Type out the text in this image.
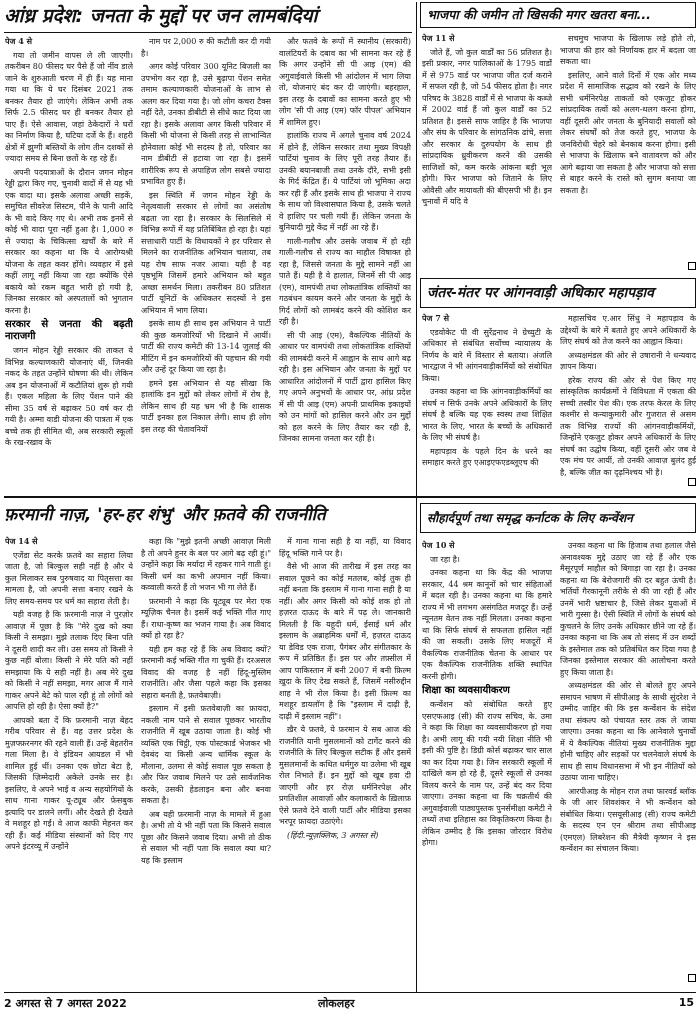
आंध्र प्रदेश: जनता के मुद्दों पर जन लामबंदियां

पेज 4 से

गया तो जमीन वापस ले ली जाएगी। तकरीबन 80 फीसद घर पैसे हैं जो नींव डाले जाने के शुरुआती चरण में ही हैं। यह माना गया था कि ये घर दिसंबर 2021 तक बनकर तैयार हो जाएंगे। लेकिन अभी तक सिर्फ 2.5 फीसद घर ही बनकर तैयार हो पाए हैं। ऐसे आवास, जहां ठेकेदारों ने घरों का निर्माण किया है, घटिया दर्जे के हैं। शहरी क्षेत्रों में झुग्गी बस्तियों के लोग तीन दशकों से ज्यादा समय से बिना छतों के रह रहे हैं।

अपनी पदयात्राओं के दौरान जगन मोहन रेड्डी द्वारा किए गए, चुनावी वादों में से यह भी एक वादा था। इसके अलावा अच्छी सड़कें, समुचित सीवरेज सिस्टम, पीने के पानी आदि के भी वादे किए गए थे। अभी तक इनमें से कोई भी वादा पूरा नहीं हुआ है। 1,000 रु से ज्यादा के चिकित्सा खर्चों के बारे में सरकार का कहना था कि ये आरोग्यश्री योजना के तहत कवर होंगे। व्यवहार में इसे कहीं लागू नहीं किया जा रहा क्योंकि ऐसे बकाये को रकम बहुत भारी हो गयी है, जिनका सरकार को अस्पतालों को भुगतान करना है।

सरकार से जनता की बढ़ती नाराजगी

जगन मोहन रेड्डी सरकार की ताकत ये विभिन्न कल्याणकारी योजनाएं थीं, जिनकी नकद के तहत उन्होंने घोषणा की थी। लेकिन अब इन योजनाओं में कटौतियां शुरू हो गयी हैं। एकल महिला के लिए पेंशन पाने की सीमा 35 वर्ष से बढ़ाकर 50 वर्ष कर दी गयी है। अम्मा वाडी योजना की पात्रता में एक बच्चे तक ही सीमित थी, अब सरकारी स्कूलों के रख-रखाव के

नाम पर 2,000 रु की कटौती कर दी गयी है।

अगर कोई परिवार 300 यूनिट बिजली का उपभोग कर रहा है, उसे बुढ़ापा पेंशन समेत तमाम कल्याणकारी योजनाओं के लाभ से अलग कर दिया गया है। जो लोग कचरा टैक्स नहीं देते, उनका डीबीटी से सीधे काट दिया जा रहा है। इसके अलावा अगर किसी परिवार में किसी भी योजना से किसी तरह से लाभान्वित होनेवाला कोई भी सदस्य है तो, परिवार का नाम डीबीटी से हटाया जा रहा है। इसमें शारीरिक रूप से अपाहिज लोग सबसे ज्यादा प्रभावित हुए हैं।

इस स्थिति में जगन मोहन रेड्डी के नेतृत्ववाली सरकार से लोगों का असंतोष बढ़ता जा रहा है। सरकार के सिलसिले में विभिन्न रूपों में यह प्रतिबिंबित हो रहा है। यहां सत्ताधारी पार्टी के विधायकों ने हर परिवार से मिलने का राजनीतिक अभियान चलाया, तब यह रोष साफ नजर आया। यही है वह पृष्ठभूमि जिसमें हमारे अभियान को बहुत अच्छा समर्थन मिला। तकरीबन 80 प्रतिशत पार्टी यूनिटों के अधिकतर सदस्यों ने इस अभियान में भाग लिया।

इसके साथ ही साथ इस अभियान ने पार्टी की कुछ कमजोरियों भी दिखाने में आयीं। पार्टी की राज्य कमेटी की 13-14 जुलाई की मीटिंग में इन कमजोरियों की पहचान की गयी और उन्हें दूर किया जा रहा है।

हमने इस अभियान से यह सीखा कि हालांकि इन मुद्दों को लेकर लोगों में रोष है, लेकिन साथ ही यह भ्रम भी है कि शासक पार्टी इनका हल निकाल लेगी। साथ ही लोग इस तरह की चेतावनियों

और फतवे के रूपों में स्थानीय (सरकारी) वालंटियरों के दबाव का भी सामना कर रहे हैं कि अगर उन्होंने सी पी आइ (एम) की अगुवाईवाले किसी भी आंदोलन में भाग लिया तो, योजनाएं बंद कर दी जाएंगी। बहरहाल, इस तरह के दबावों का सामना करते हुए भी लोग 'सी पी आइ (एम) फॉर पीपल' अभियान में शामिल हुए।

हालांकि राज्य में अगले चुनाव वर्ष 2024 में होने हैं, लेकिन सरकार तथा मुख्य विपक्षी पार्टियां चुनाव के लिए पूरी तरह तैयार हैं। उनकी बयानबाजी तथा उनके दौरे, सभी इसी के गिर्द केंद्रित हैं। ये पार्टियां जो भूमिका अदा कर रही हैं और इसके साथ ही भाजपा ने राज्य के साथ जो विश्वासघात किया है, उसके चलते वे हाशिए पर चली गयी हैं। लेकिन जनता के बुनियादी मुद्दे केंद्र में नहीं आ रहे हैं।

गाली-गलौच और उसके जवाब में हो रही गाली-गलौच से राज्य का माहौल विषाक्त हो रहा है, जिससे जनता के मुद्दे सामने नहीं आ पाते हैं। यही है वे हालात, जिनमें सी पी आइ (एम), वामपंथी तथा लोकतांत्रिक शक्तियों का गठबंधन कायम करने और जनता के मुद्दों के गिर्द लोगों को लामबंद करने की कोशिश कर रही है।

सी पी आइ (एम), वैकल्पिक नीतियों के आधार पर वामपंथी तथा लोकतांत्रिक शक्तियों की लामबंदी करने में आह्वान के साथ आगे बढ़ रही है। इस अभियान और जनता के मुद्दों पर आधारित आंदोलनों में पार्टी द्वारा हासिल किए गए अपने अनुभवों के आधार पर, आंध्र प्रदेश में सी पी आइ (एम) अपनी प्राथमिक इकाइयों को उन मांगों को हासिल करने और उन मुद्दों को हल करने के लिए तैयार कर रही है, जिनका सामना जनता कर रही है।

भाजपा की जमीन तो खिसकी मगर खतरा बना...

पेज 11 से

जोते हैं, जो कुल वार्डों का 56 प्रतिशत है। इसी प्रकार, नगर पालिकाओं के 1795 वार्डों में से 975 वार्ड पर भाजपा जीत दर्ज कराने में सफल रही है, जो 54 फीसद होता है। नगर परिषद के 3828 वार्डों में से भाजपा के कब्जे में 2002 वार्ड हैं जो कुल वार्डों का 52 प्रतिशत है। इससे साफ जाहिर है कि भाजपा और संघ के परिवार के सांगठनिक ढांचे, सत्ता और सरकार के दुरुपयोग के साथ ही सांप्रदायिक ध्रुवीकरण करने की उसकी साजिशों को, कम करके आंकना बड़ी भूल होगी। फिर भाजपा को जिताने के लिए ओवैसी और मायावती की बीएसपी भी है। इन चुनावों में यदि वे

सचमुच भाजपा के खिलाफ लड़े होते तो, भाजपा की हार को निर्णायक हार में बदला जा सकता था।

इसलिए, आने वाले दिनों में एक ओर मध्य प्रदेश में सामाजिक सद्भाव को रखने के लिए सभी धर्मनिरपेक्ष ताकतों को एकजुट होकर सांप्रदायिक तत्वों को अलग-थलग करना होगा, वहीं दूसरी ओर जनता के बुनियादी सवालों को लेकर संघर्षों को तेज करते हुए, भाजपा के जनविरोधी चेहरे को बेनकाब करना होगा। इसी से भाजपा के खिलाफ बने वातावरण को और आगे बढ़ाया जा सकता है और भाजपा को सत्ता से बाहर करने के रास्ते को सुगम बनाया जा सकता है।

जंतर-मंतर पर आंगनवाड़ी अधिकार महापड़ाव

पेज 7 से

एडवोकेट पी वी सुरेंद्रनाथ ने ग्रेच्युटी के अधिकार से संबंधित सर्वोच्च न्यायालय के निर्णय के बारे में विस्तार से बताया। अंजलि भारद्वाज ने भी आंगनवाड़ीकर्मियों को संबोधित किया।

उनका कहना था कि आंगनवाड़ीकर्मियों का संघर्ष न सिर्फ उनके अपने अधिकारों के लिए संघर्ष है बल्कि यह एक स्वस्थ तथा शिक्षित भारत के लिए, भारत के बच्चों के अधिकारों के लिए भी संघर्ष है।

महापड़ाव के पहले दिन के धरने का समाहार करते हुए एआइएफएडब्लूएच की

महासचिव ए.आर सिंधु ने महापड़ाव के उद्देश्यों के बारे में बताते हुए अपने अधिकारों के लिए संघर्ष को तेज करने का आह्वान किया।

अध्यक्षमंडल की ओर से उषारानी ने धन्यवाद ज्ञापन किया।

हरेक राज्य की ओर से पेश किए गए सांस्कृतिक कार्यक्रमों ने विविधता में एकता की सच्ची तस्वीर पेश की। एक तरफ केरल के लिए कश्मीर से कन्याकुमारी और गुजरात से असम तक विभिन्न राज्यों की आंगनवाड़ीकर्मियों, जिन्होंने एकजुट होकर अपने अधिकारों के लिए संघर्ष का उद्घोष किया, वहीं दूसरी ओर जब वे एक मंच पर आयीं, तो उनकी आवाज़ बुलंद हुई है, बल्कि जीत का दृढ़निश्चय भी है।

सौहार्दपूर्ण तथा समृद्ध कर्नाटक के लिए कन्वेंशन

पेज 10 से

जा रहा है।

उनका कहना था कि केंद्र की भाजपा सरकार, 44 श्रम कानूनों को चार संहिताओं में बदल रही है। उनका कहना था कि हमारे राज्य में भी लगभग असंगठित मजदूर हैं। उन्हें न्यूनतम वेतन तक नहीं मिलता। उनका कहना था कि सिर्फ संघर्ष से सफलता हासिल नहीं की जा सकती। उसके लिए मजदूरों में वैकल्पिक राजनीतिक चेतना के आधार पर एक वैकल्पिक राजनीतिक शक्ति स्थापित करनी होगी।

शिक्षा का व्यवसायीकरण

कन्वेंशन को संबोधित करते हुए एसएफआइ (सी) की राज्य सचिव, के. उमा ने कहा कि शिक्षा का व्यवसायीकरण हो गया है। अभी लागू की गयी नयी शिक्षा नीति भी इसी की पुष्टि है। डिग्री कोर्स बढ़ाकर चार साल का कर दिया गया है। जिन सरकारी स्कूलों में दाखिले कम हो रहे हैं, दूसरे स्कूलों से उनका विलय करने के नाम पर, उन्हें बंद कर दिया जाएगा। उनका कहना था कि चक्रतीर्थ की अगुवाईवाली पाठ्यपुस्तक पुनर्समीक्षा कमेटी ने तथ्यों तथा इतिहास का विकृतिकरण किया है। लेकिन उम्मीद है कि इसका जोरदार विरोध होगा।

उनका कहना था कि हिजाब तथा हलाल जैसे अनावश्यक मुद्दे उठाए जा रहे हैं और एक मैसूरपूर्ण माहौल को बिगाड़ा जा रहा है। उनका कहना था कि बेरोजगारी की दर बहुत ऊंची है। भर्तियों गैरकानूनी तरीके से की जा रही हैं और उनमें भारी भ्रष्टाचार है, जिसे लेकर युवाओं में भारी गुस्सा है। ऐसी स्थिति में लोगों के संघर्ष को कुचलने के लिए उनके अधिकार छीने जा रहे हैं। उनका कहना था कि अब तो संसद में उन शब्दों के इस्तेमाल तक को प्रतिबंधित कर दिया गया है जिनका इस्तेमाल सरकार की आलोचना करते हुए किया जाता है।

अध्यक्षमंडल की ओर से बोलते हुए अपने समापन भाषण में सीपीआइ के साथी सुंदरेश ने उम्मीद जाहिर की कि इस कन्वेंशन के संदेश तथा संकल्प को पंचायत स्तर तक ले जाया जाएगा। उनका कहना था कि आनेवाले चुनावों में ये वैकल्पिक नीतियां मुख्य राजनीतिक मुद्दा होनी चाहिए और सड़कों पर चलनेवाले संघर्ष के साथ ही साथ विधानसभा में भी इन नीतियों को उठाया जाना चाहिए।

आरपीआइ के मोहन राज तथा फारवर्ड ब्लॉक के जी आर शिवशंकर ने भी कन्वेंशन को संबोधित किया। एसयूसीआइ (सी) राज्य कमेटी के सदस्य एन एन श्रीराम तथा सीपीआइ (एमएल) लिबरेशन की मैत्रेयी कृष्णन ने इस कन्वेंशन का संचालन किया।

फ़रमानी नाज़, 'हर-हर शंभु' और फ़तवे की राजनीति

पेज 14 से

एजेंडा सेट करके फ़तवे का सहारा लिया जाता है, जो बिल्कुल सही नहीं है और ये कुल मिलाकर सब पुरुषवाद या पितृसत्ता का मामला है, जो अपनी सत्ता बनाए रखने के लिए समय-समय पर धर्म का सहारा लेती है।

यही वजह है कि फ़रमानी नाज़ ने पुरज़ोर आवाज़ में पूछा है कि "मेरे दुख को क्या किसी ने समझा। मुझे तलाक दिए बिना पति ने दूसरी शादी कर ली। उस समय तो किसी ने कुछ नहीं बोला। किसी ने मेरे पति को नहीं समझाया कि ये सही नहीं है। अब मेरे दुख को किसी ने नहीं समझा, मगर आज मैं गाने गाकर अपने बेटे को पाल रही हूं तो लोगों को आपत्ति हो रही है। ऐसा क्यों है?"

आपको बता दें कि फ़रमानी नाज़ बेहद गरीब परिवार से हैं। वह उत्तर प्रदेश के मुज़फ्फ़रनगर की रहने वाली हैं। उन्हें बेहतरीन गला मिला है। वे इंडियन आयडल में भी शामिल हुई थीं। उनका एक छोटा बेटा है, जिसकी ज़िम्मेदारी अकेले उनके सर है। इसलिए, वे अपने भाई व अन्य सहयोगियों के साथ गाना गाकर यू-ट्यूब और फ़ेसबुक इत्यादि पर डालने लगीं। और देखते ही देखते वे मशहूर हो गईं। वे आज काफी मेहनत कर रही हैं। कई मीडिया संस्थानों को दिए गए अपने इंटरव्यू में उन्होंने

कहा कि "मुझे इतनी अच्छी आवाज़ मिली है तो अपने हुनर के बल पर आगे बढ़ रही हूं।" उन्होंने कहा कि मर्यादा में रहकर गाने गाती हूं। किसी धर्म का कभी अपमान नहीं किया। कव्वाली करते हैं तो भजन भी गा लेते हैं।

फ़रमानी ने कहा कि यूट्यूब पर मेरा एक म्यूज़िक चैनल है। इसमें कई भक्ति गीत गाए हैं। राधा-कृष्ण का भजन गाया है। अब विवाद क्यों हो रहा है?

यही हम कह रहे हैं कि अब विवाद क्यों? फ़रमानी कई भक्ति गीत गा चुकी हैं। दरअसल विवाद की वजह है नहीं हिंदू-मुस्लिम राजनीति। और जैसा पहले कहा कि इसका सहारा बनती है, फ़तवेबाज़ी।

इस्लाम में इसी फ़तवेबाज़ी का फ़ायदा, नकली नाम पाने से सवाल पूछकर भारतीय राजनीति में खूब उठाया जाता है। कोई भी व्यक्ति एक चिट्ठी, एक पोस्टकार्ड भेजकर भी देवबंद या किसी अन्य धार्मिक स्कूल के मौलाना, उलमा से कोई सवाल पूछ सकता है और फिर जवाब मिलने पर उसे सार्वजनिक करके, उसकी हेडलाइन बना और बनवा सकता है।

अब यही फ़रमानी नाज़ के मामले में हुआ है। अभी तो ये भी नहीं पता कि किसने सवाल पूछा और किसने जवाब दिया। अभी तो ठीक से सवाल भी नहीं पता कि सवाल क्या था? यह कि इस्लाम

में गाना गाना सही है या नहीं, या विवाद हिंदू भक्ति गाने पर है।

वैसे भी आज की तारीख में इस तरह का सवाल पूछने का कोई मतलब, कोई तुक ही नहीं बनता कि इस्लाम में गाना गाना सही है या नहीं। और अगर किसी को कोई शक हो तो हज़रत दाऊद के बारे में पढ़ ले। जानकारी मिलती है कि यहूदी धर्म, ईसाई धर्म और इस्लाम के अब्राहमिक धर्मों में, हज़रत दाऊद या डेविड एक राजा, पैगंबर और संगीतकार के रूप में प्रतिष्ठित हैं। इस पर और तफ़्सील में आप पाकिस्तान में बनी 2007 में बनी फ़िल्म ख़ुदा के लिए देख सकते हैं, जिसमें नसीरुद्दीन शाह ने भी रोल किया है। इसी फ़िल्म का मशहूर डायलॉग है कि "इस्लाम में दाढ़ी है, दाढ़ी में इस्लाम नहीं"।

ख़ैर ये फ़तवे, ये फ़रमान ये सब आज की राजनीति यानी मुसलमानों को टार्गेट करने की राजनीति के लिए बिल्कुल सटीक हैं और इसमें मुसलमानों के कथित धर्मगुरु या उलेमा भी खूब रोल निभाते हैं। इन मुद्दों को खूब हवा दी जाएगी और हर रोज़ धर्मनिरपेक्ष और प्रगतिशील आवाज़ों और कलाकारों के ख़िलाफ़ ऐसे फ़तवे देने वाली पार्टी और मीडिया इसका भरपूर फ़ायदा उठाएंगे।

(हिंदी.न्यूज़क्लिक, 3 अगस्त से)

2 अगस्त से 7 अगस्त 2022	लोकलहर	15
